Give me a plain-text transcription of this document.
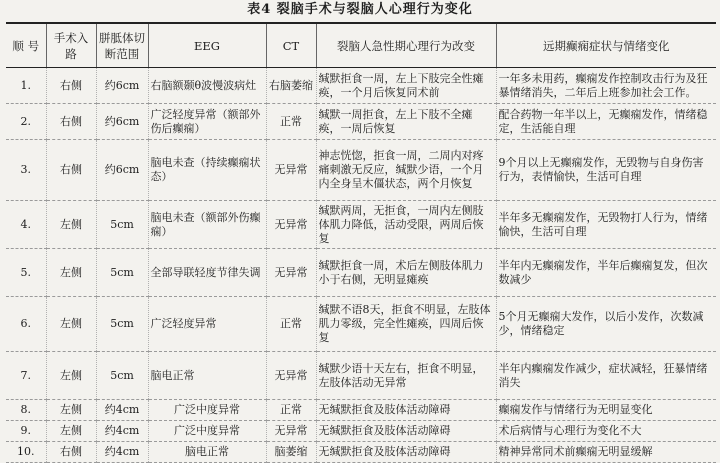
表4 裂脑手术与裂脑人心理行为变化
顺 号	手术入路	胼胝体切断范围	EEG	CT	裂脑人急性期心理行为改变	远期癫痫症状与情绪变化
1.	右侧	约6cm	右脑额颞θ波慢波病灶	右脑萎缩	缄默拒食一周，左上下肢完全性瘫痪，一个月后恢复同术前	一年多未用药，癫痫发作控制攻击行为及狂暴情绪消失，二年后上班参加社会工作。
2.	右侧	约6cm	广泛轻度异常（额部外伤后癫痫）	正常	缄默一周拒食，左上下肢不全瘫痪，一周后恢复	配合药物一年半以上，无癫痫发作，情绪稳定，生活能自理
3.	右侧	约6cm	脑电未查（持续癫痫状态）	无异常	神志恍惚，拒食一周，二周内对疼痛刺激无反应，缄默少语，一个月内全身呈木僵状态，两个月恢复	9个月以上无癫痫发作，无毁物与自身伤害行为，表情愉快，生活可自理
4.	左侧	5cm	脑电未查（额部外伤癫痫）	无异常	缄默两周，无拒食，一周内左侧肢体肌力降低，活动受限，两周后恢复	半年多无癫痫发作，无毁物打人行为，情绪愉快，生活可自理
5.	左侧	5cm	全部导联轻度节律失调	无异常	缄默拒食一周，术后左侧肢体肌力小于右侧，无明显瘫痪	半年内无癫痫发作，半年后癫痫复发，但次数减少
6.	左侧	5cm	广泛轻度异常	正常	缄默不语8天，拒食不明显，左肢体肌力零级，完全性瘫痪，四周后恢复	5个月无癫痫大发作，以后小发作，次数减少，情绪稳定
7.	左侧	5cm	脑电正常	无异常	缄默少语十天左右，拒食不明显，左肢体活动无异常	半年内癫痫发作减少，症状减轻，狂暴情绪消失
8.	左侧	约4cm	广泛中度异常	正常	无缄默拒食及肢体活动障碍	癫痫发作与情绪行为无明显变化
9.	左侧	约4cm	广泛中度异常	无异常	无缄默拒食及肢体活动障碍	术后病情与心理行为变化不大
10.	右侧	约4cm	脑电正常	脑萎缩	无缄默拒食及肢体活动障碍	精神异常同术前癫痫无明显缓解
